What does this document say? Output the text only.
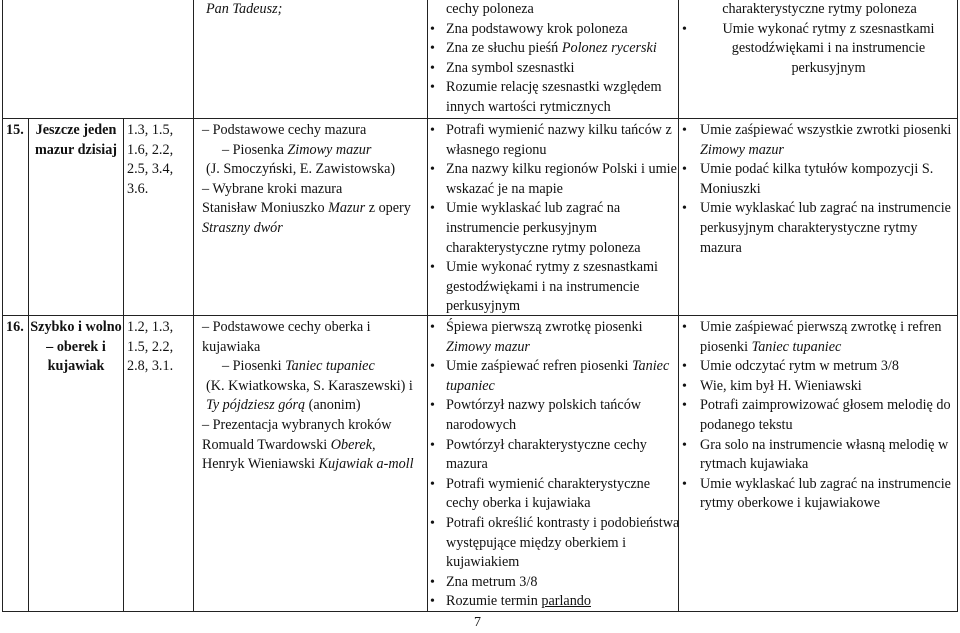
Pan Tadeusz;	cechy poloneza
• Zna podstawowy krok poloneza
• Zna ze słuchu pieśń Polonez rycerski
• Zna symbol szesnastki
• Rozumie relację szesnastki względem innych wartości rytmicznych
charakterystyczne rytmy poloneza
• Umie wykonać rytmy z szesnastkami gestodźwiękami i na instrumencie perkusyjnym
15. Jeszcze jeden mazur dzisiaj
1.3, 1.5, 1.6, 2.2, 2.5, 3.4, 3.6.
– Podstawowe cechy mazura
– Piosenka Zimowy mazur
(J. Smoczyński, E. Zawistowska)
– Wybrane kroki mazura
Stanisław Moniuszko Mazur z opery
Straszny dwór
• Potrafi wymienić nazwy kilku tańców z własnego regionu
• Zna nazwy kilku regionów Polski i umie wskazać je na mapie
• Umie wyklaskać lub zagrać na instrumencie perkusyjnym charakterystyczne rytmy poloneza
• Umie wykonać rytmy z szesnastkami gestodźwiękami i na instrumencie perkusyjnym
• Umie zaśpiewać wszystkie zwrotki piosenki Zimowy mazur
• Umie podać kilka tytułów kompozycji S. Moniuszki
• Umie wyklaskać lub zagrać na instrumencie perkusyjnym charakterystyczne rytmy mazura
16. Szybko i wolno – oberek i kujawiak
1.2, 1.3, 1.5, 2.2, 2.8, 3.1.
– Podstawowe cechy oberka i kujawiaka
– Piosenki Taniec tupaniec
(K. Kwiatkowska, S. Karaszewski) i Ty pójdziesz górą (anonim)
– Prezentacja wybranych kroków
Romuald Twardowski Oberek,
Henryk Wieniawski Kujawiak a-moll
• Śpiewa pierwszą zwrotkę piosenki Zimowy mazur
• Umie zaśpiewać refren piosenki Taniec tupaniec
• Powtórzył nazwy polskich tańców narodowych
• Powtórzył charakterystyczne cechy mazura
• Potrafi wymienić charakterystyczne cechy oberka i kujawiaka
• Potrafi określić kontrasty i podobieństwa występujące między oberkiem i kujawiakiem
• Zna metrum 3/8
• Rozumie termin parlando
• Umie zaśpiewać pierwszą zwrotkę i refren piosenki Taniec tupaniec
• Umie odczytać rytm w metrum 3/8
• Wie, kim był H. Wieniawski
• Potrafi zaimprowizować głosem melodię do podanego tekstu
• Gra solo na instrumencie własną melodię w rytmach kujawiaka
• Umie wyklaskać lub zagrać na instrumencie rytmy oberkowe i kujawiakowe
7
